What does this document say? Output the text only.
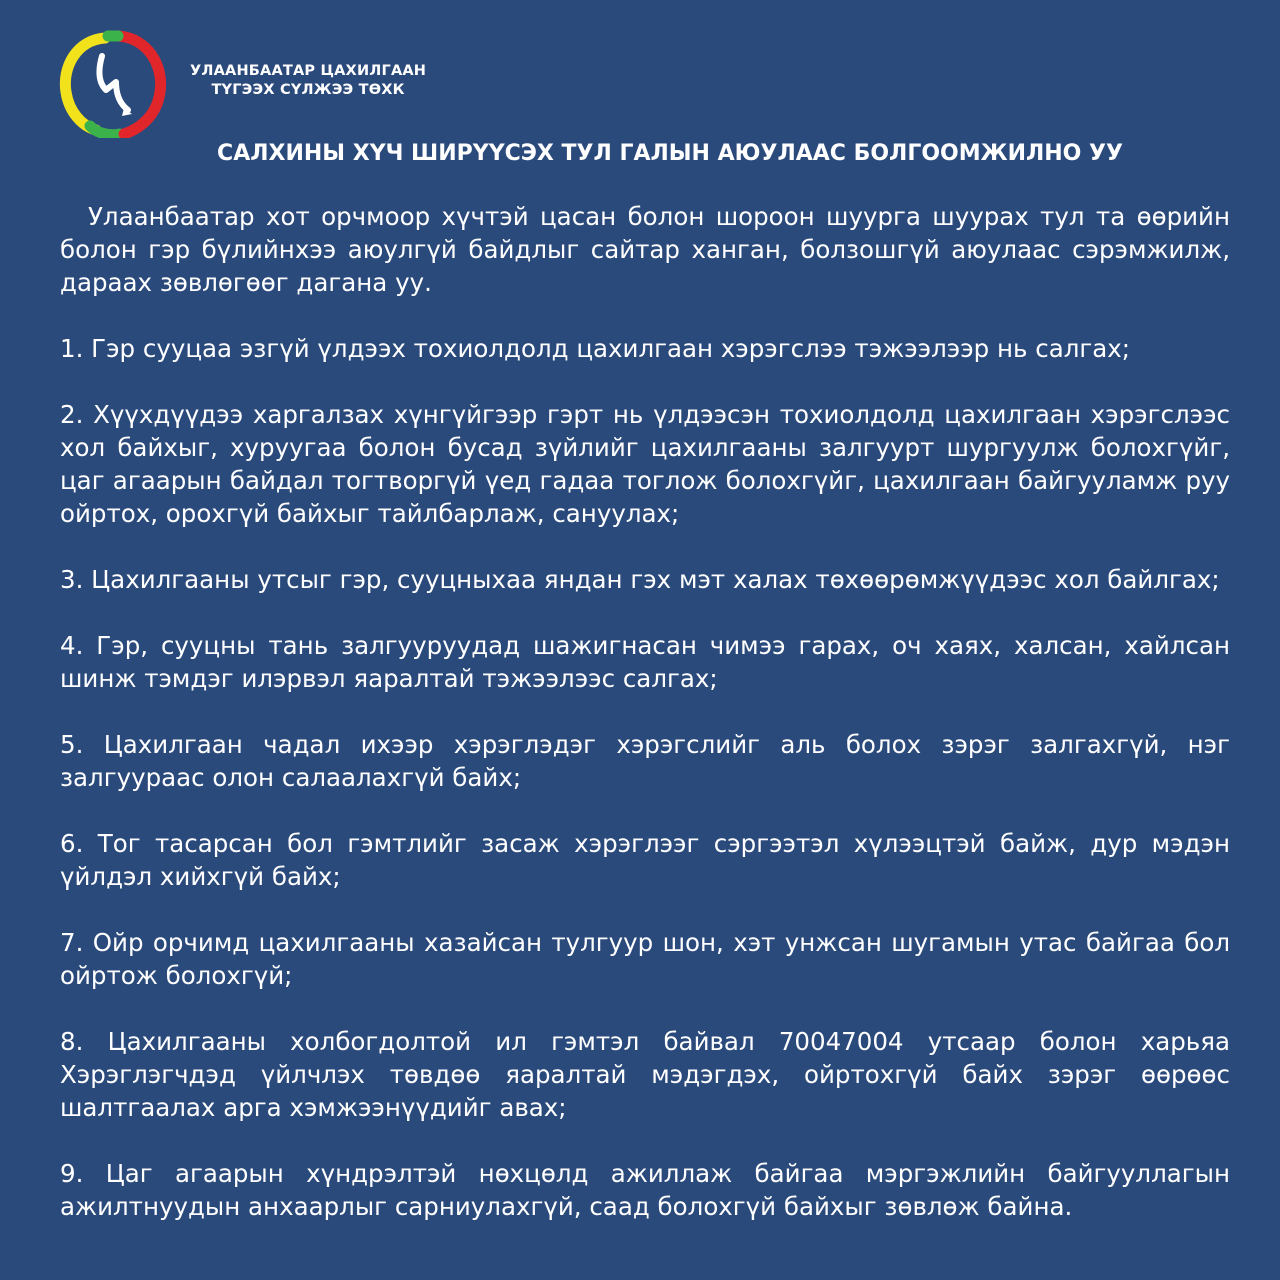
УЛААНБААТАР ЦАХИЛГААН
ТҮГЭЭХ СҮЛЖЭЭ ТӨХК
САЛХИНЫ ХҮЧ ШИРҮҮСЭХ ТУЛ ГАЛЫН АЮУЛААС БОЛГООМЖИЛНО УУ

Улаанбаатар хот орчмоор хүчтэй цасан болон шороон шуурга шуурах тул та өөрийн болон гэр бүлийнхээ аюулгүй байдлыг сайтар хангaн, болзошгүй аюулаас сэрэмжилж, дараах зөвлөгөөг дагана уу.

1. Гэр сууцаа эзгүй үлдээх тохиолдолд цахилгаан хэрэгслээ тэжээлээр нь салгах;

2. Хүүхдүүдээ харгалзах хүнгүйгээр гэрт нь үлдээсэн тохиолдолд цахилгаан хэрэгслээс хол байхыг, хуруугаа болон бусад зүйлийг цахилгааны залгуурт шургуулж болохгүйг, цаг агаарын байдал тогтворгүй үед гадаа тоглож болохгүйг, цахилгаан байгууламж руу ойртох, орохгүй байхыг тайлбарлаж, сануулах;

3. Цахилгааны утсыг гэр, сууцныхаа яндан гэх мэт халах төхөөрөмжүүдээс хол байлгах;

4. Гэр, сууцны тань залгууруудад шажигнасан чимээ гарах, оч хаях, халсан, хайлсан шинж тэмдэг илэрвэл яаралтай тэжээлээс салгах;

5. Цахилгаан чадал ихээр хэрэглэдэг хэрэгслийг аль болох зэрэг залгахгүй, нэг залгуураас олон салаалахгүй байх;

6. Тог тасарсан бол гэмтлийг засаж хэрэглээг сэргээтэл хүлээцтэй байж, дур мэдэн үйлдэл хийхгүй байх;

7. Ойр орчимд цахилгааны хазайсан тулгуур шон, хэт унжсан шугамын утас байгаа бол ойртож болохгүй;

8. Цахилгааны холбогдолтой ил гэмтэл байвал 70047004 утсаар болон харьяа Хэрэглэгчдэд үйлчлэх төвдөө яаралтай мэдэгдэх, ойртохгүй байх зэрэг өөрөөс шалтгаалах арга хэмжээнүүдийг авах;

9. Цаг агаарын хүндрэлтэй нөхцөлд ажиллаж байгаа мэргэжлийн байгууллагын ажилтнуудын анхаарлыг сарниулахгүй, саад болохгүй байхыг зөвлөж байна.
